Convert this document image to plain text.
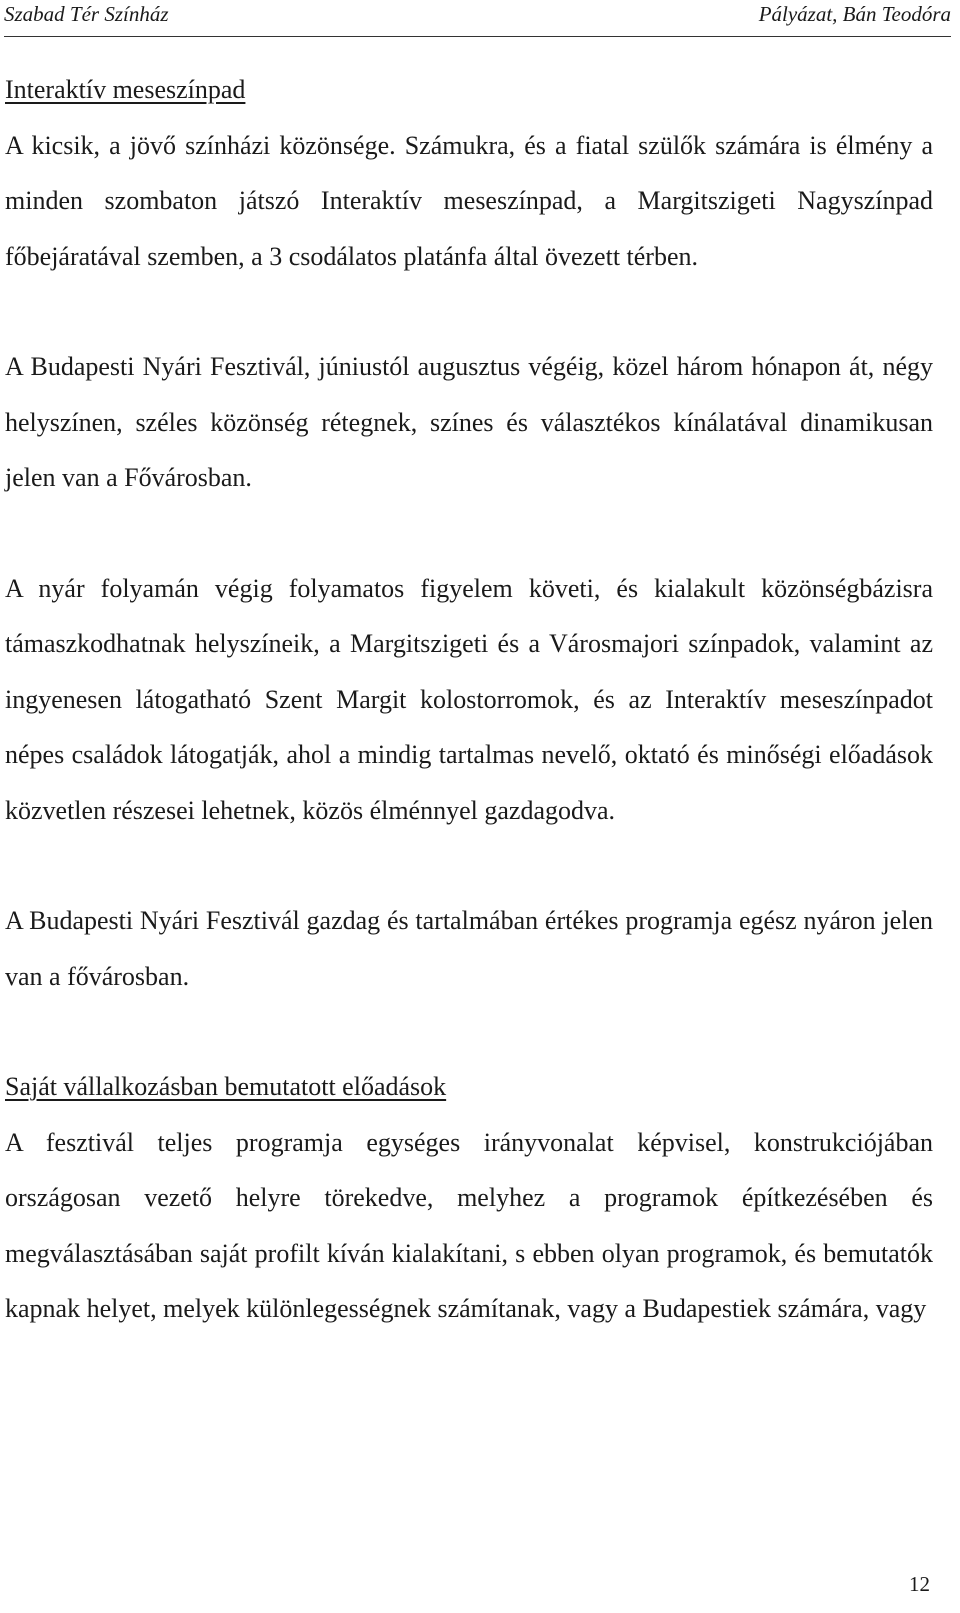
Szabad Tér Színház	Pályázat, Bán Teodóra
Interaktív meseszínpad

A kicsik, a jövő színházi közönsége. Számukra, és a fiatal szülők számára is élmény a minden szombaton játszó Interaktív meseszínpad, a Margitszigeti Nagyszínpad főbejáratával szemben, a 3 csodálatos platánfa által övezett térben.

A Budapesti Nyári Fesztivál, júniustól augusztus végéig, közel három hónapon át, négy helyszínen, széles közönség rétegnek, színes és választékos kínálatával dinamikusan jelen van a Fővárosban.

A nyár folyamán végig folyamatos figyelem követi, és kialakult közönségbázisra támaszkodhatnak helyszíneik, a Margitszigeti és a Városmajori színpadok, valamint az ingyenesen látogatható Szent Margit kolostorromok, és az Interaktív meseszínpadot népes családok látogatják, ahol a mindig tartalmas nevelő, oktató és minőségi előadások közvetlen részesei lehetnek, közös élménnyel gazdagodva.

A Budapesti Nyári Fesztivál gazdag és tartalmában értékes programja egész nyáron jelen van a fővárosban.

Saját vállalkozásban bemutatott előadások

A fesztivál teljes programja egységes irányvonalat képvisel, konstrukciójában országosan vezető helyre törekedve, melyhez a programok építkezésében és megválasztásában saját profilt kíván kialakítani, s ebben olyan programok, és bemutatók kapnak helyet, melyek különlegességnek számítanak, vagy a Budapestiek számára, vagy

12
